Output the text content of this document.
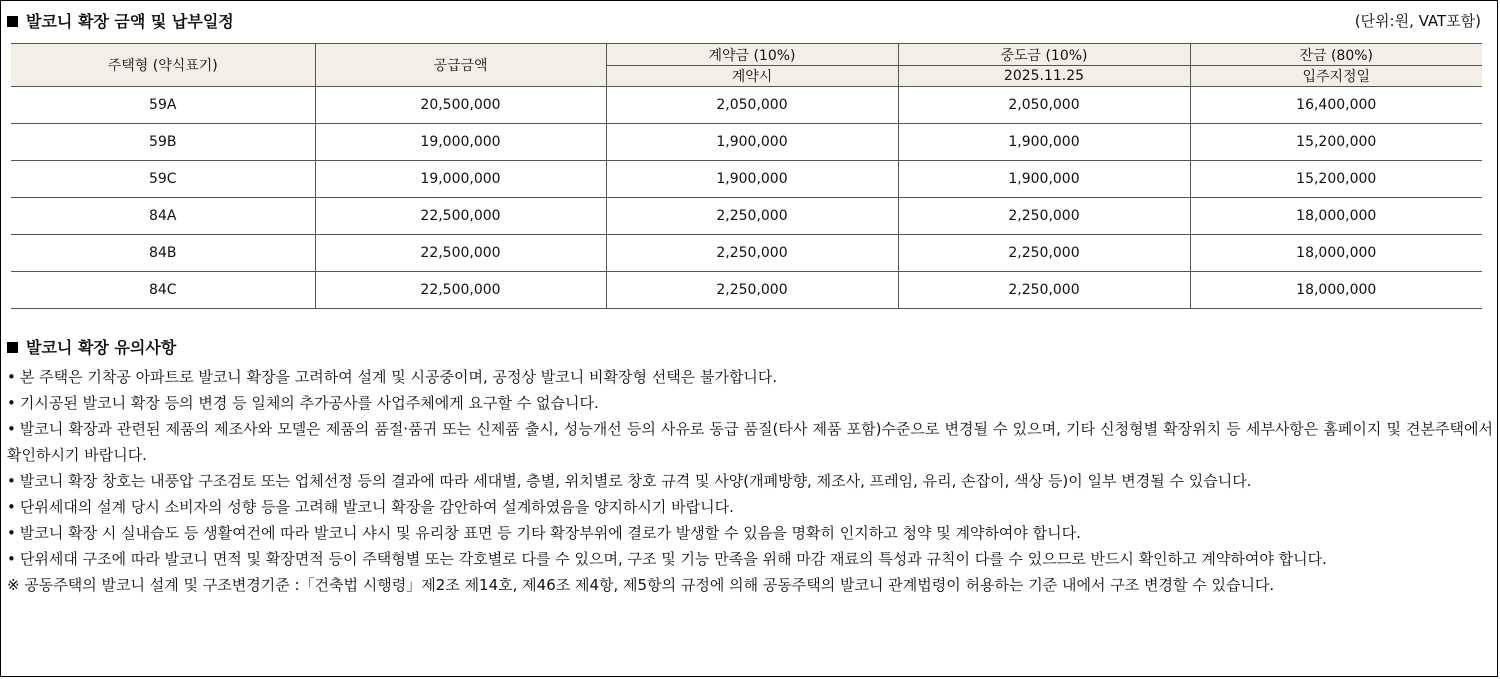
발코니 확장 금액 및 납부일정	(단위:원, VAT포함)
주택형 (약식표기)	공급금액	계약금 (10%)	중도금 (10%)	잔금 (80%)
		계약시	2025.11.25	입주지정일
59A	20,500,000	2,050,000	2,050,000	16,400,000
59B	19,000,000	1,900,000	1,900,000	15,200,000
59C	19,000,000	1,900,000	1,900,000	15,200,000
84A	22,500,000	2,250,000	2,250,000	18,000,000
84B	22,500,000	2,250,000	2,250,000	18,000,000
84C	22,500,000	2,250,000	2,250,000	18,000,000
발코니 확장 유의사항
• 본 주택은 기착공 아파트로 발코니 확장을 고려하여 설계 및 시공중이며, 공정상 발코니 비확장형 선택은 불가합니다.
• 기시공된 발코니 확장 등의 변경 등 일체의 추가공사를 사업주체에게 요구할 수 없습니다.
• 발코니 확장과 관련된 제품의 제조사와 모델은 제품의 품절·품귀 또는 신제품 출시, 성능개선 등의 사유로 동급 품질(타사 제품 포함)수준으로 변경될 수 있으며, 기타 신청형별 확장위치 등 세부사항은 홈페이지 및 견본주택에서 확인하시기 바랍니다.
• 발코니 확장 창호는 내풍압 구조검토 또는 업체선정 등의 결과에 따라 세대별, 층별, 위치별로 창호 규격 및 사양(개폐방향, 제조사, 프레임, 유리, 손잡이, 색상 등)이 일부 변경될 수 있습니다.
• 단위세대의 설계 당시 소비자의 성향 등을 고려해 발코니 확장을 감안하여 설계하였음을 양지하시기 바랍니다.
• 발코니 확장 시 실내습도 등 생활여건에 따라 발코니 샤시 및 유리창 표면 등 기타 확장부위에 결로가 발생할 수 있음을 명확히 인지하고 청약 및 계약하여야 합니다.
• 단위세대 구조에 따라 발코니 면적 및 확장면적 등이 주택형별 또는 각호별로 다를 수 있으며, 구조 및 기능 만족을 위해 마감 재료의 특성과 규칙이 다를 수 있으므로 반드시 확인하고 계약하여야 합니다.
※ 공동주택의 발코니 설계 및 구조변경기준 :「건축법 시행령」제2조 제14호, 제46조 제4항, 제5항의 규정에 의해 공동주택의 발코니 관계법령이 허용하는 기준 내에서 구조 변경할 수 있습니다.
